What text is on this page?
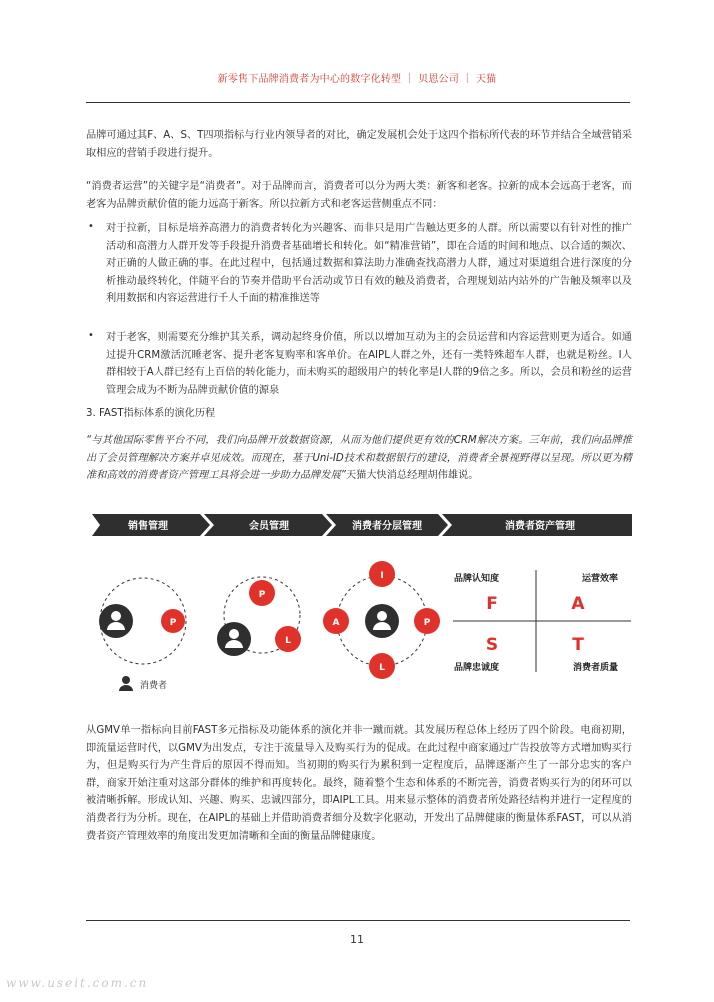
新零售下品牌消费者为中心的数字化转型 ｜ 贝恩公司 ｜ 天猫
品牌可通过其F、A、S、T四项指标与行业内领导者的对比，确定发展机会处于这四个指标所代表的环节并结合全域营销采取相应的营销手段进行提升。
“消费者运营”的关键字是“消费者”。对于品牌而言，消费者可以分为两大类：新客和老客。拉新的成本会远高于老客，而老客为品牌贡献价值的能力远高于新客。所以拉新方式和老客运营侧重点不同：
• 对于拉新，目标是培养高潜力的消费者转化为兴趣客、而非只是用广告触达更多的人群。所以需要以有针对性的推广活动和高潜力人群开发等手段提升消费者基础增长和转化。如“精准营销”，即在合适的时间和地点、以合适的频次、对正确的人做正确的事。在此过程中，包括通过数据和算法助力准确查找高潜力人群，通过对渠道组合进行深度的分析推动最终转化，伴随平台的节奏并借助平台活动或节日有效的触及消费者，合理规划站内站外的广告触及频率以及利用数据和内容运营进行千人千面的精准推送等
• 对于老客，则需要充分维护其关系，调动起终身价值，所以以增加互动为主的会员运营和内容运营则更为适合。如通过提升CRM激活沉睡老客、提升老客复购率和客单价。在AIPL人群之外，还有一类特殊超车人群，也就是粉丝。I人群相较于A人群已经有上百倍的转化能力，而未购买的超级用户的转化率是I人群的9倍之多。所以，会员和粉丝的运营管理会成为不断为品牌贡献价值的源泉
3. FAST指标体系的演化历程
“与其他国际零售平台不同，我们向品牌开放数据资源，从而为他们提供更有效的CRM解决方案。三年前，我们向品牌推出了会员管理解决方案并卓见成效。而现在，基于Uni-ID技术和数据银行的建设，消费者全景视野得以呈现。所以更为精准和高效的消费者资产管理工具将会进一步助力品牌发展”天猫大快消总经理胡伟雄说。
销售管理	会员管理	消费者分层管理	消费者资产管理
P
P
L
I
A	P
L
品牌认知度	运营效率
品牌忠诚度	消费者质量
F	A
S	T
消费者
从GMV单一指标向目前FAST多元指标及功能体系的演化并非一蹴而就。其发展历程总体上经历了四个阶段。电商初期，即流量运营时代，以GMV为出发点，专注于流量导入及购买行为的促成。在此过程中商家通过广告投放等方式增加购买行为，但是购买行为产生背后的原因不得而知。当初期的购买行为累积到一定程度后，品牌逐渐产生了一部分忠实的客户群，商家开始注重对这部分群体的维护和再度转化。最终，随着整个生态和体系的不断完善，消费者购买行为的闭环可以被清晰拆解。形成认知、兴趣、购买、忠诚四部分，即AIPL工具。用来显示整体的消费者所处路径结构并进行一定程度的消费者行为分析。现在，在AIPL的基础上并借助消费者细分及数字化驱动，开发出了品牌健康的衡量体系FAST，可以从消费者资产管理效率的角度出发更加清晰和全面的衡量品牌健康度。
11
www.useit.com.cn
